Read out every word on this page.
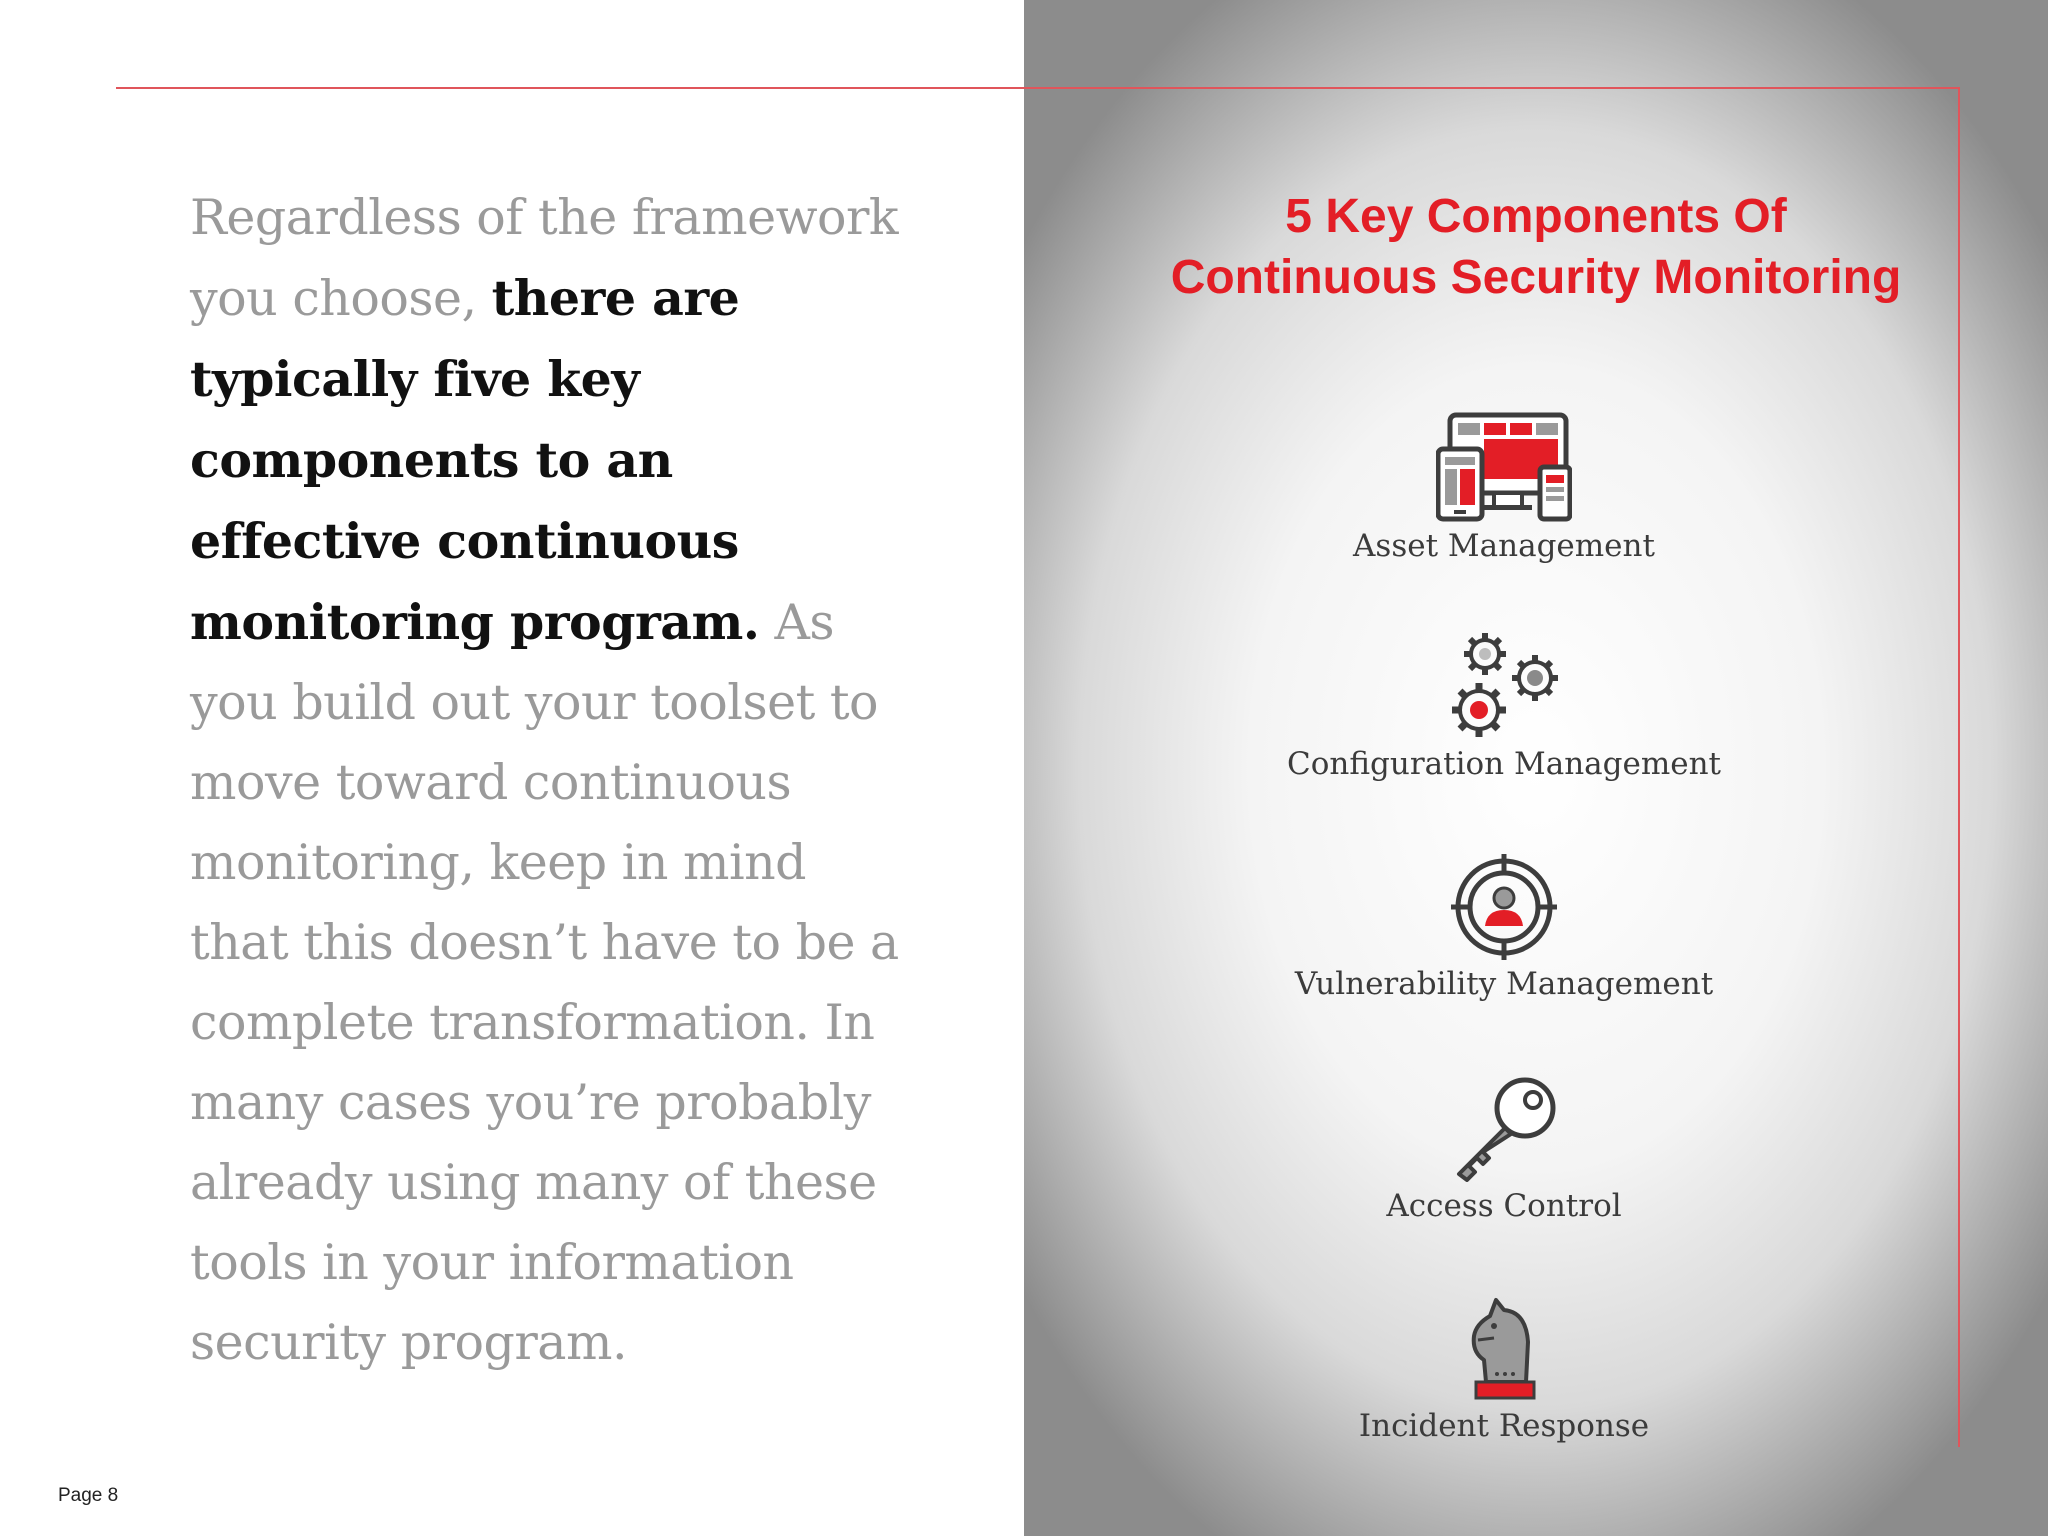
Regardless of the framework you choose, there are typically five key components to an effective continuous monitoring program. As you build out your toolset to move toward continuous monitoring, keep in mind that this doesn’t have to be a complete transformation. In many cases you’re probably already using many of these tools in your information security program.
5 Key Components Of
Continuous Security Monitoring
Asset Management
Configuration Management
Vulnerability Management
Access Control
Incident Response
Page 8
